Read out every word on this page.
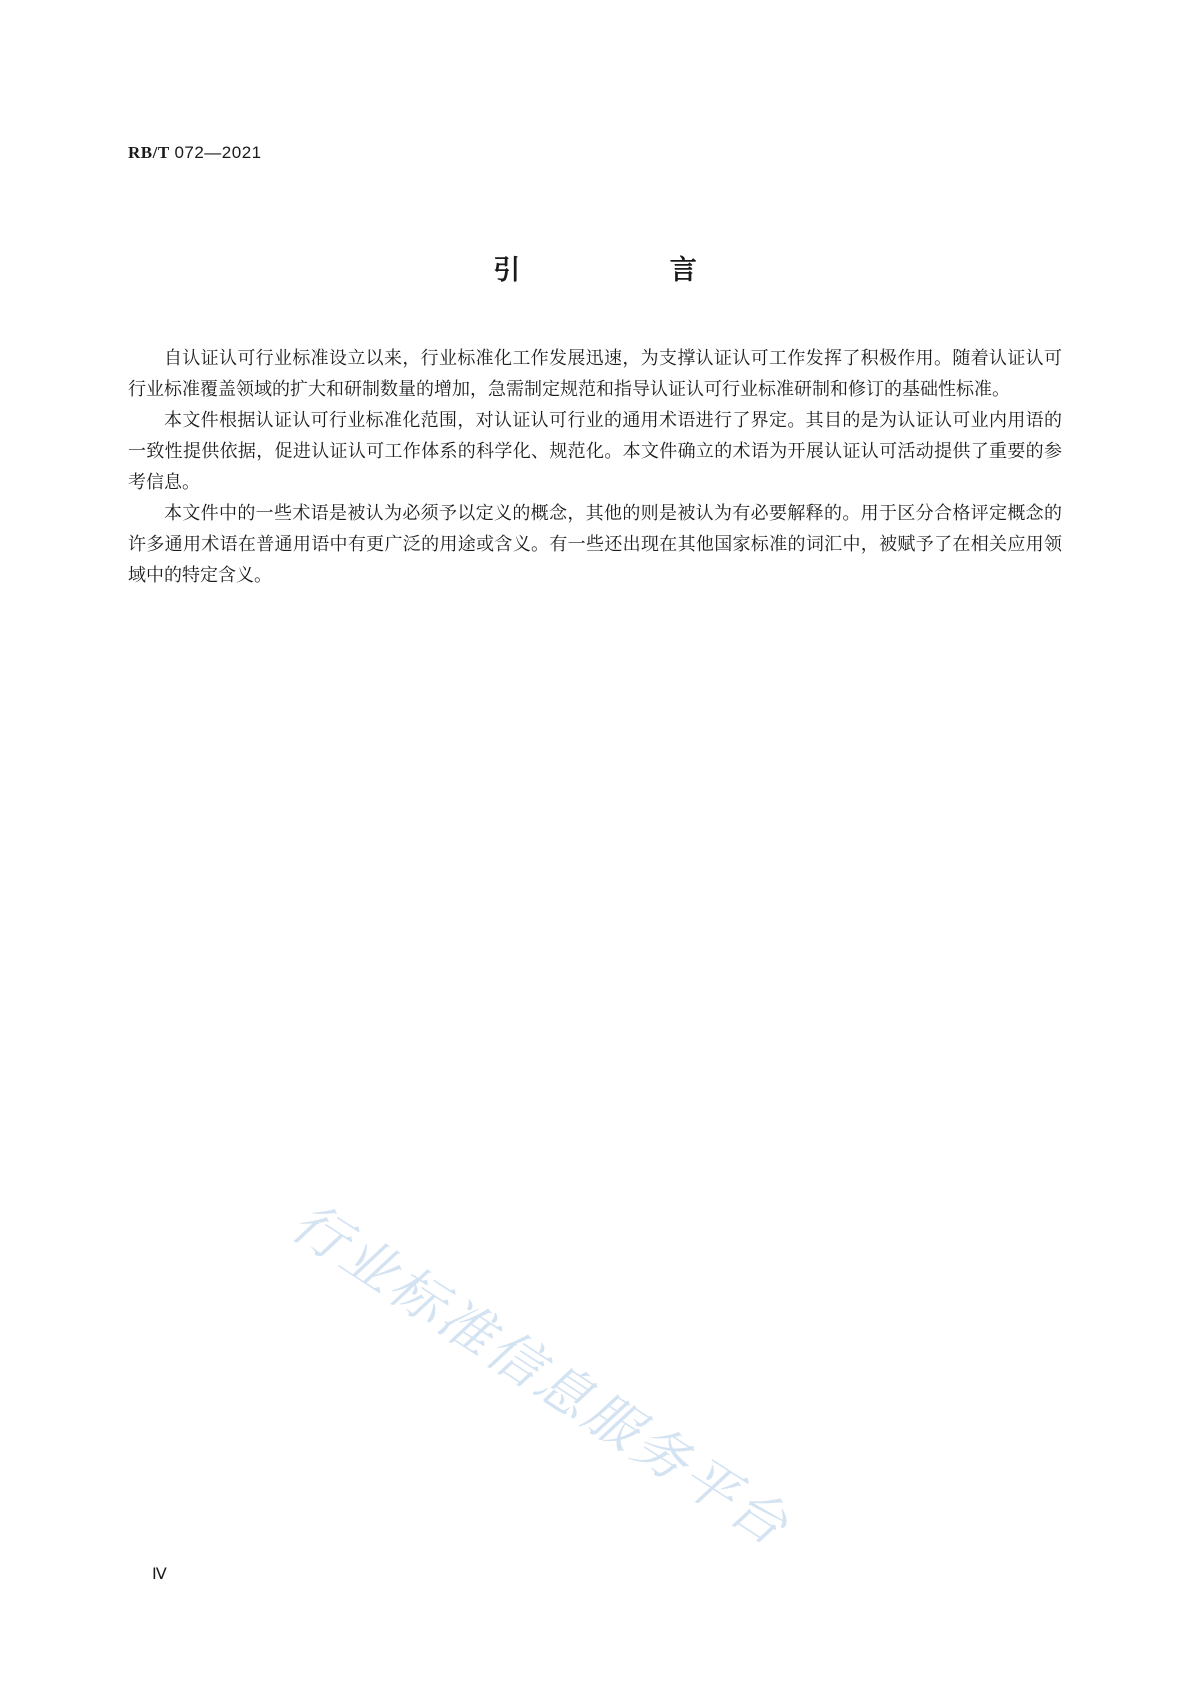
RB/T 072—2021
引 言

自认证认可行业标准设立以来，行业标准化工作发展迅速，为支撑认证认可工作发挥了积极作用。随着认证认可行业标准覆盖领域的扩大和研制数量的增加，急需制定规范和指导认证认可行业标准研制和修订的基础性标准。

本文件根据认证认可行业标准化范围，对认证认可行业的通用术语进行了界定。其目的是为认证认可业内用语的一致性提供依据，促进认证认可工作体系的科学化、规范化。本文件确立的术语为开展认证认可活动提供了重要的参考信息。

本文件中的一些术语是被认为必须予以定义的概念，其他的则是被认为有必要解释的。用于区分合格评定概念的许多通用术语在普通用语中有更广泛的用途或含义。有一些还出现在其他国家标准的词汇中，被赋予了在相关应用领域中的特定含义。

行业标准信息服务平台
Ⅳ
